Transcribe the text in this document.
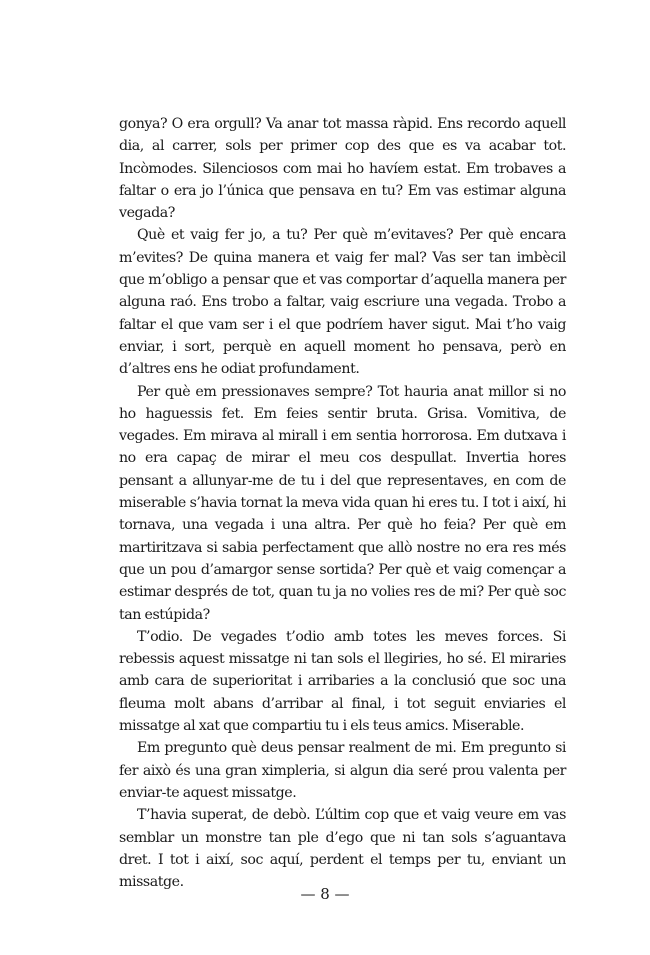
gonya? O era orgull? Va anar tot massa ràpid. Ens recordo aquell dia, al carrer, sols per primer cop des que es va acabar tot. Incòmodes. Silenciosos com mai ho havíem estat. Em trobaves a faltar o era jo l’única que pensava en tu? Em vas estimar alguna vegada?

Què et vaig fer jo, a tu? Per què m’evitaves? Per què encara m’evites? De quina manera et vaig fer mal? Vas ser tan imbècil que m’obligo a pensar que et vas comportar d’aquella manera per alguna raó. Ens trobo a faltar, vaig escriure una vegada. Trobo a faltar el que vam ser i el que podríem haver sigut. Mai t’ho vaig enviar, i sort, perquè en aquell moment ho pensava, però en d’altres ens he odiat profundament.

Per què em pressionaves sempre? Tot hauria anat millor si no ho haguessis fet. Em feies sentir bruta. Grisa. Vomitiva, de vegades. Em mirava al mirall i em sentia horrorosa. Em dutxava i no era capaç de mirar el meu cos despullat. Invertia hores pensant a allunyar-me de tu i del que representaves, en com de miserable s’havia tornat la meva vida quan hi eres tu. I tot i així, hi tornava, una vegada i una altra. Per què ho feia? Per què em martiritzava si sabia perfectament que allò nostre no era res més que un pou d’amargor sense sortida? Per què et vaig començar a estimar després de tot, quan tu ja no volies res de mi? Per què soc tan estúpida?

T’odio. De vegades t’odio amb totes les meves forces. Si rebessis aquest missatge ni tan sols el llegiries, ho sé. El miraries amb cara de superioritat i arribaries a la conclusió que soc una fleuma molt abans d’arribar al final, i tot seguit enviaries el missatge al xat que compartiu tu i els teus amics. Miserable.

Em pregunto què deus pensar realment de mi. Em pregunto si fer això és una gran ximpleria, si algun dia seré prou valenta per enviar-te aquest missatge.

T’havia superat, de debò. L’últim cop que et vaig veure em vas semblar un monstre tan ple d’ego que ni tan sols s’aguantava dret. I tot i així, soc aquí, perdent el temps per tu, enviant un missatge.

— 8 —
